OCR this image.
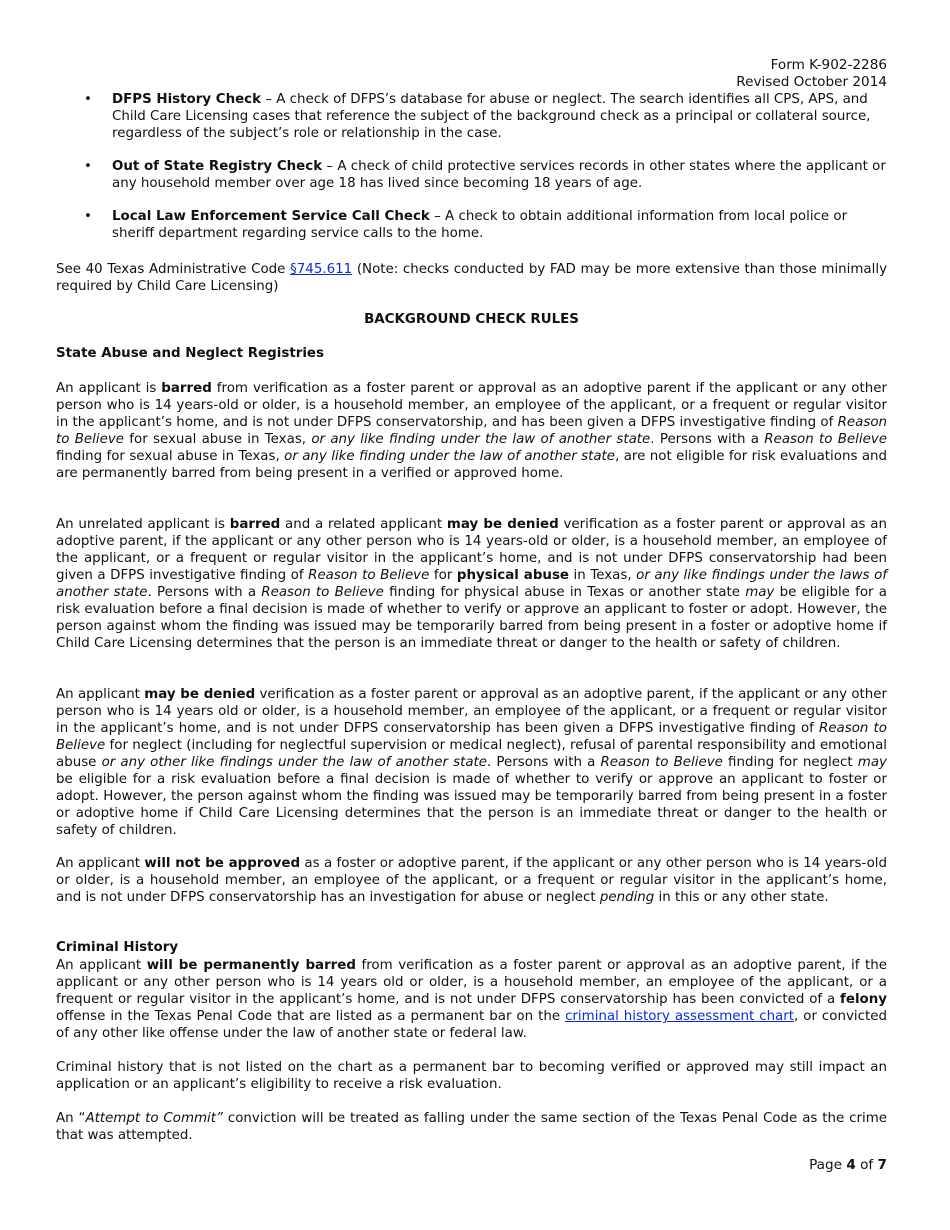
Form K-902-2286
Revised October 2014
• DFPS History Check – A check of DFPS’s database for abuse or neglect. The search identifies all CPS, APS, and Child Care Licensing cases that reference the subject of the background check as a principal or collateral source, regardless of the subject’s role or relationship in the case.
• Out of State Registry Check – A check of child protective services records in other states where the applicant or any household member over age 18 has lived since becoming 18 years of age.
• Local Law Enforcement Service Call Check – A check to obtain additional information from local police or sheriff department regarding service calls to the home.

See 40 Texas Administrative Code §745.611 (Note: checks conducted by FAD may be more extensive than those minimally required by Child Care Licensing)

BACKGROUND CHECK RULES
State Abuse and Neglect Registries

An applicant is barred from verification as a foster parent or approval as an adoptive parent if the applicant or any other person who is 14 years-old or older, is a household member, an employee of the applicant, or a frequent or regular visitor in the applicant’s home, and is not under DFPS conservatorship, and has been given a DFPS investigative finding of Reason to Believe for sexual abuse in Texas, or any like finding under the law of another state. Persons with a Reason to Believe finding for sexual abuse in Texas, or any like finding under the law of another state, are not eligible for risk evaluations and are permanently barred from being present in a verified or approved home.

An unrelated applicant is barred and a related applicant may be denied verification as a foster parent or approval as an adoptive parent, if the applicant or any other person who is 14 years-old or older, is a household member, an employee of the applicant, or a frequent or regular visitor in the applicant’s home, and is not under DFPS conservatorship had been given a DFPS investigative finding of Reason to Believe for physical abuse in Texas, or any like findings under the laws of another state. Persons with a Reason to Believe finding for physical abuse in Texas or another state may be eligible for a risk evaluation before a final decision is made of whether to verify or approve an applicant to foster or adopt. However, the person against whom the finding was issued may be temporarily barred from being present in a foster or adoptive home if Child Care Licensing determines that the person is an immediate threat or danger to the health or safety of children.

An applicant may be denied verification as a foster parent or approval as an adoptive parent, if the applicant or any other person who is 14 years old or older, is a household member, an employee of the applicant, or a frequent or regular visitor in the applicant’s home, and is not under DFPS conservatorship has been given a DFPS investigative finding of Reason to Believe for neglect (including for neglectful supervision or medical neglect), refusal of parental responsibility and emotional abuse or any other like findings under the law of another state. Persons with a Reason to Believe finding for neglect may be eligible for a risk evaluation before a final decision is made of whether to verify or approve an applicant to foster or adopt. However, the person against whom the finding was issued may be temporarily barred from being present in a foster or adoptive home if Child Care Licensing determines that the person is an immediate threat or danger to the health or safety of children.

An applicant will not be approved as a foster or adoptive parent, if the applicant or any other person who is 14 years-old or older, is a household member, an employee of the applicant, or a frequent or regular visitor in the applicant’s home, and is not under DFPS conservatorship has an investigation for abuse or neglect pending in this or any other state.

Criminal History

An applicant will be permanently barred from verification as a foster parent or approval as an adoptive parent, if the applicant or any other person who is 14 years old or older, is a household member, an employee of the applicant, or a frequent or regular visitor in the applicant’s home, and is not under DFPS conservatorship has been convicted of a felony offense in the Texas Penal Code that are listed as a permanent bar on the criminal history assessment chart, or convicted of any other like offense under the law of another state or federal law.

Criminal history that is not listed on the chart as a permanent bar to becoming verified or approved may still impact an application or an applicant’s eligibility to receive a risk evaluation.

An “Attempt to Commit” conviction will be treated as falling under the same section of the Texas Penal Code as the crime that was attempted.

Page 4 of 7
